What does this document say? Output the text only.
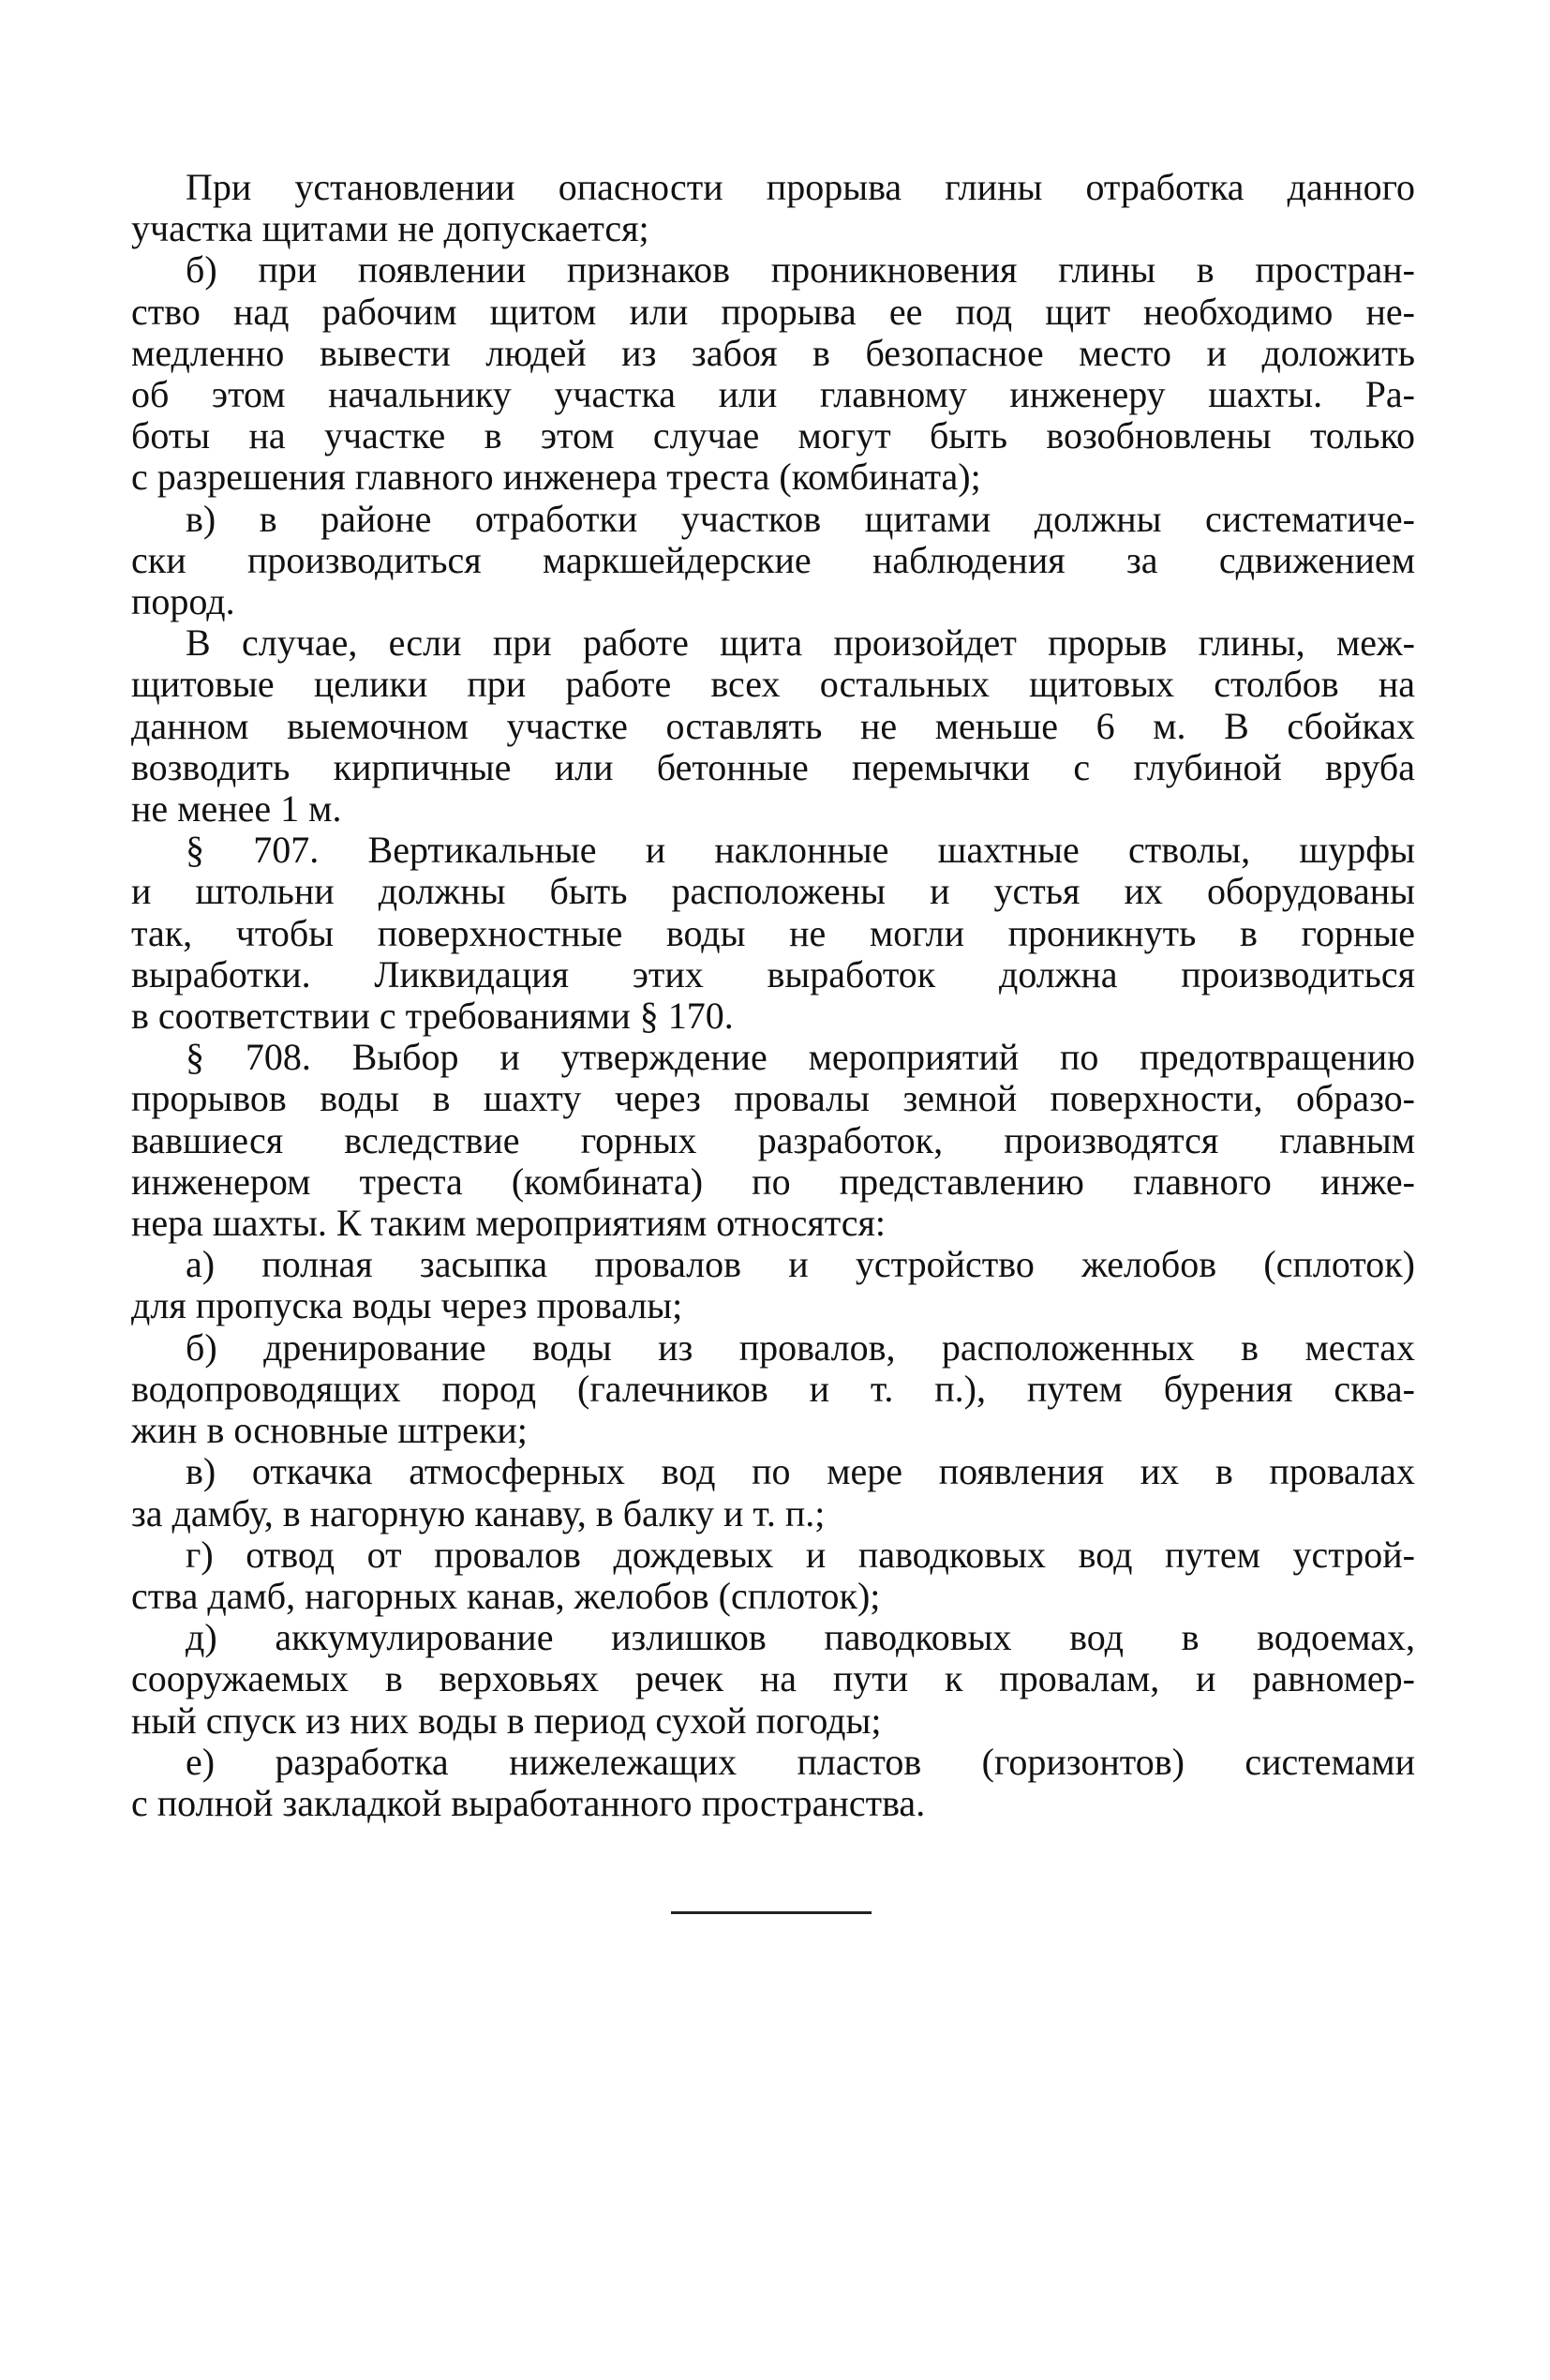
При установлении опасности прорыва глины отработка данного
участка щитами не допускается;

б) при появлении признаков проникновения глины в простран-
ство над рабочим щитом или прорыва ее под щит необходимо не-
медленно вывести людей из забоя в безопасное место и доложить
об этом начальнику участка или главному инженеру шахты. Ра-
боты на участке в этом случае могут быть возобновлены только
с разрешения главного инженера треста (комбината);

в) в районе отработки участков щитами должны систематиче-
ски производиться маркшейдерские наблюдения за сдвижением
пород.

В случае, если при работе щита произойдет прорыв глины, меж-
щитовые целики при работе всех остальных щитовых столбов на
данном выемочном участке оставлять не меньше 6 м. В сбойках
возводить кирпичные или бетонные перемычки с глубиной вруба
не менее 1 м.

§ 707. Вертикальные и наклонные шахтные стволы, шурфы
и штольни должны быть расположены и устья их оборудованы
так, чтобы поверхностные воды не могли проникнуть в горные
выработки. Ликвидация этих выработок должна производиться
в соответствии с требованиями § 170.

§ 708. Выбор и утверждение мероприятий по предотвращению
прорывов воды в шахту через провалы земной поверхности, образо-
вавшиеся вследствие горных разработок, производятся главным
инженером треста (комбината) по представлению главного инже-
нера шахты. К таким мероприятиям относятся:

а) полная засыпка провалов и устройство желобов (сплоток)
для пропуска воды через провалы;

б) дренирование воды из провалов, расположенных в местах
водопроводящих пород (галечников и т. п.), путем бурения сква-
жин в основные штреки;

в) откачка атмосферных вод по мере появления их в провалах
за дамбу, в нагорную канаву, в балку и т. п.;

г) отвод от провалов дождевых и паводковых вод путем устрой-
ства дамб, нагорных канав, желобов (сплоток);

д) аккумулирование излишков паводковых вод в водоемах,
сооружаемых в верховьях речек на пути к провалам, и равномер-
ный спуск из них воды в период сухой погоды;

е) разработка нижележащих пластов (горизонтов) системами
с полной закладкой выработанного пространства.
